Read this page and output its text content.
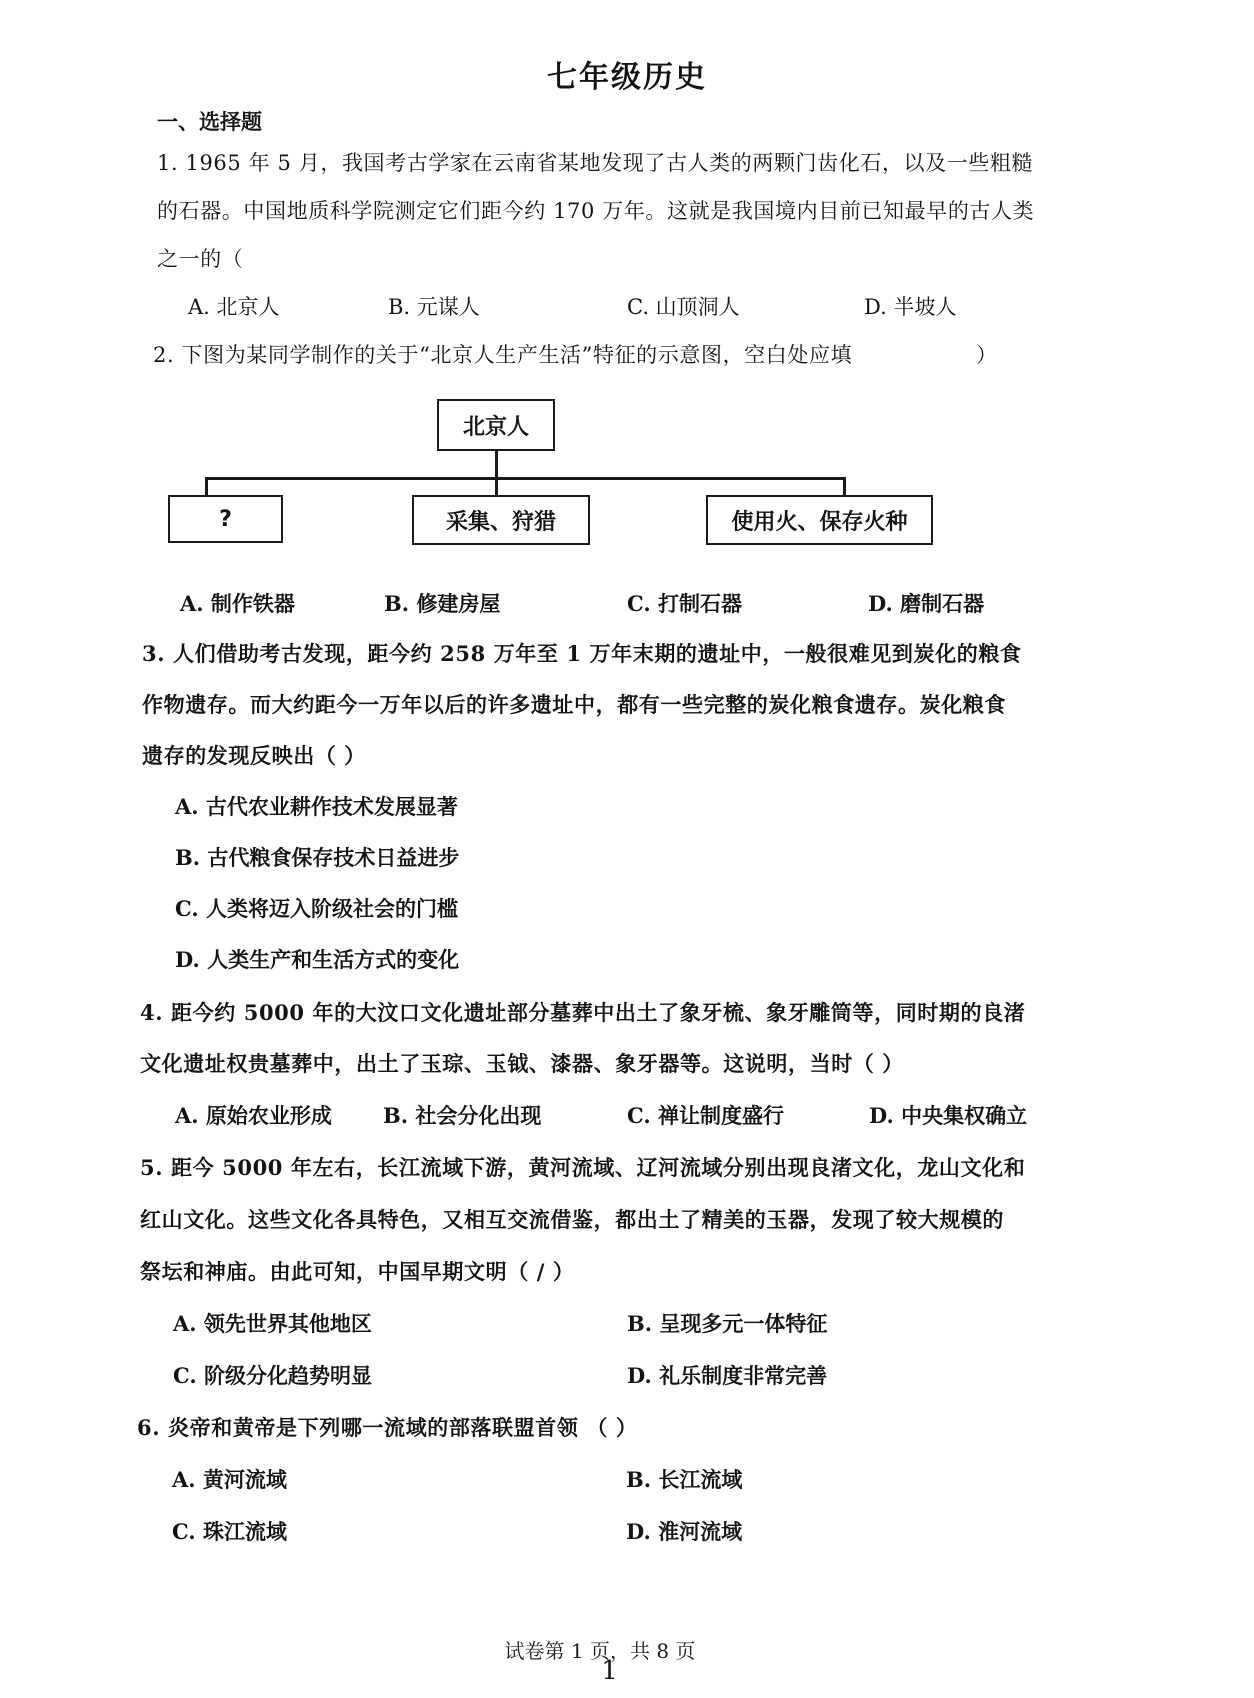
七年级历史
一、选择题
1. 1965 年 5 月，我国考古学家在云南省某地发现了古人类的两颗门齿化石，以及一些粗糙
的石器。中国地质科学院测定它们距今约 170 万年。这就是我国境内目前已知最早的古人类
之一的（
A. 北京人	B. 元谋人	C. 山顶洞人	D. 半坡人
2. 下图为某同学制作的关于“北京人生产生活”特征的示意图，空白处应填	）
北京人
?	采集、狩猎	使用火、保存火种
A. 制作铁器	B. 修建房屋	C. 打制石器	D. 磨制石器
3. 人们借助考古发现，距今约 258 万年至 1 万年末期的遗址中，一般很难见到炭化的粮食
作物遗存。而大约距今一万年以后的许多遗址中，都有一些完整的炭化粮食遗存。炭化粮食
遗存的发现反映出（ ）
A. 古代农业耕作技术发展显著
B. 古代粮食保存技术日益进步
C. 人类将迈入阶级社会的门槛
D. 人类生产和生活方式的变化
4. 距今约 5000 年的大汶口文化遗址部分墓葬中出土了象牙梳、象牙雕筒等，同时期的良渚
文化遗址权贵墓葬中，出土了玉琮、玉钺、漆器、象牙器等。这说明，当时（ ）
A. 原始农业形成 B. 社会分化出现	C. 禅让制度盛行	D. 中央集权确立
5. 距今 5000 年左右，长江流域下游，黄河流域、辽河流域分别出现良渚文化，龙山文化和
红山文化。这些文化各具特色，又相互交流借鉴，都出土了精美的玉器，发现了较大规模的
祭坛和神庙。由此可知，中国早期文明（ / ）
A. 领先世界其他地区	B. 呈现多元一体特征
C. 阶级分化趋势明显	D. 礼乐制度非常完善
6. 炎帝和黄帝是下列哪一流域的部落联盟首领 （ ）
A. 黄河流域	B. 长江流域
C. 珠江流域	D. 淮河流域
试卷第 1 页，共 8 页
1
